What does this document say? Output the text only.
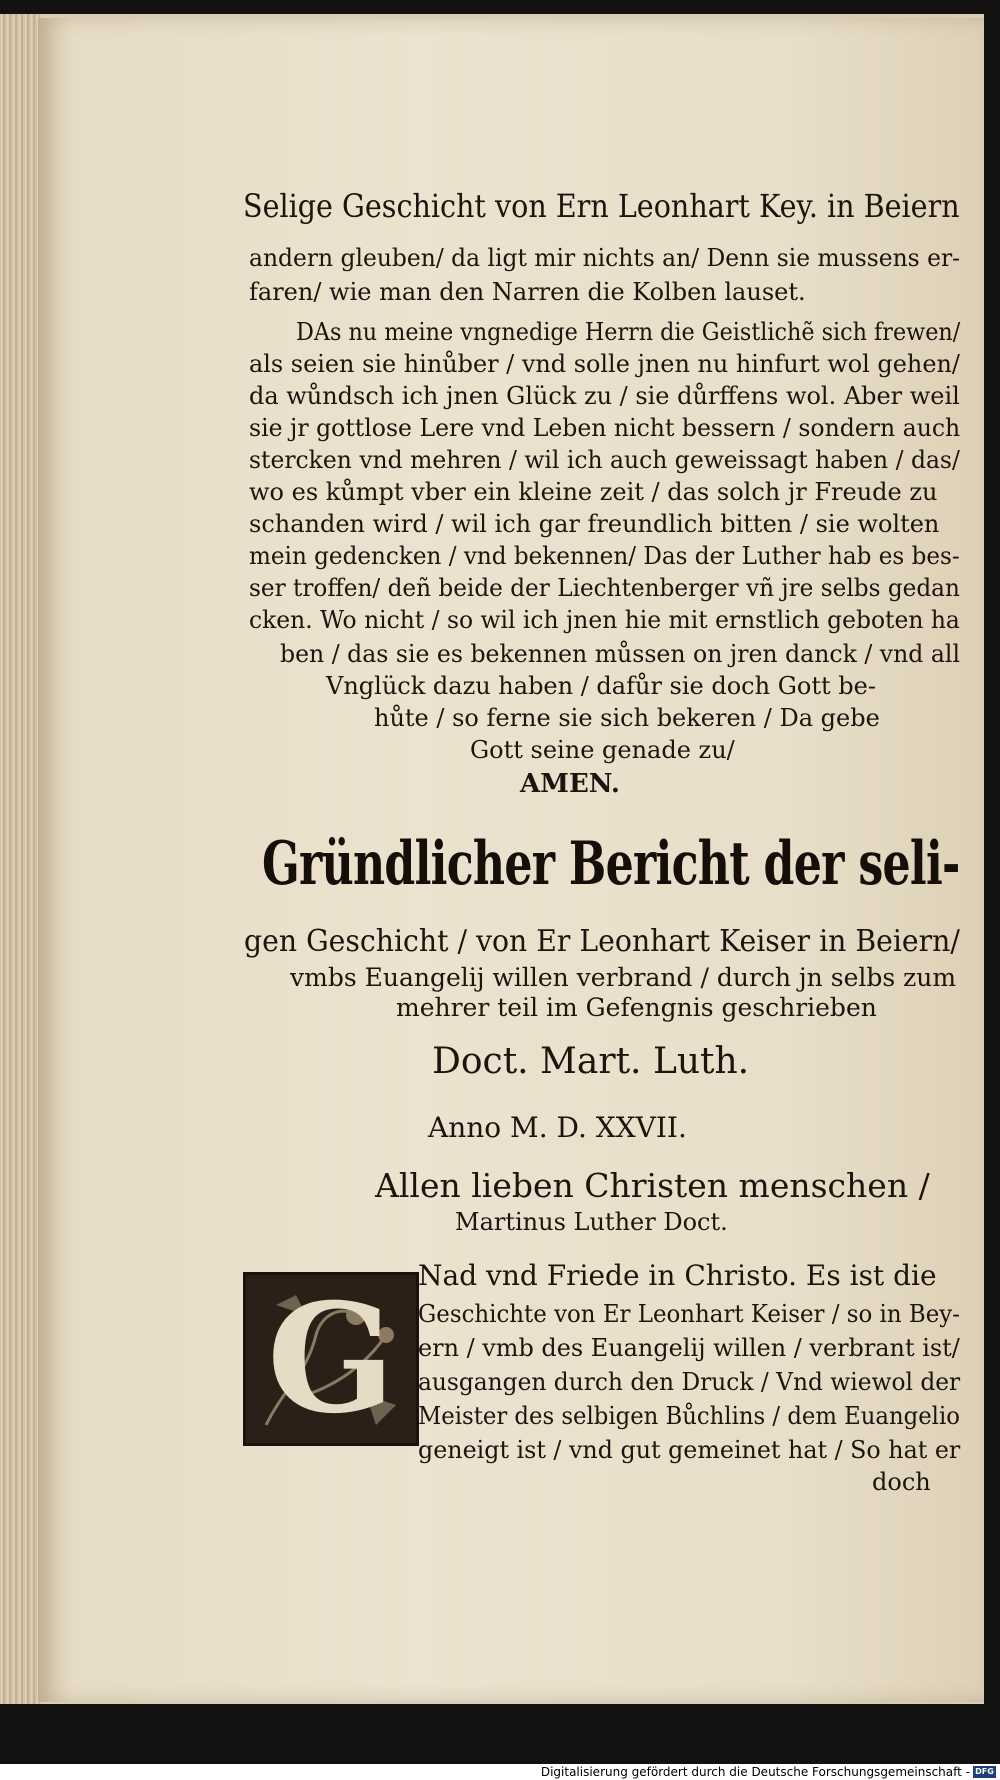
Selige Geschicht von Ern Leonhart Key. in Beiern
andern gleuben/ da ligt mir nichts an/ Denn sie mussens er-
faren/ wie man den Narren die Kolben lauset.
DAs nu meine vngnedige Herrn die Geistlichẽ sich frewen/
als seien sie hinůber / vnd solle jnen nu hinfurt wol gehen/
da wůndsch ich jnen Glück zu / sie důrffens wol. Aber weil
sie jr gottlose Lere vnd Leben nicht bessern / sondern auch
stercken vnd mehren / wil ich auch geweissagt haben / das/
wo es kůmpt vber ein kleine zeit / das solch jr Freude zu
schanden wird / wil ich gar freundlich bitten / sie wolten
mein gedencken / vnd bekennen/ Das der Luther hab es bes-
ser troffen/ deñ beide der Liechtenberger vñ jre selbs gedan
cken. Wo nicht / so wil ich jnen hie mit ernstlich geboten ha
ben / das sie es bekennen můssen on jren danck / vnd all
Vnglück dazu haben / dafůr sie doch Gott be-
hůte / so ferne sie sich bekeren / Da gebe
Gott seine genade zu/
AMEN.
Gründlicher Bericht der seli-
gen Geschicht / von Er Leonhart Keiser in Beiern/
vmbs Euangelij willen verbrand / durch jn selbs zum
mehrer teil im Gefengnis geschrieben
Doct. Mart. Luth.
Anno M. D. XXVII.
Allen lieben Christen menschen /
Martinus Luther Doct.
G Nad vnd Friede in Christo. Es ist die
Geschichte von Er Leonhart Keiser / so in Bey-
ern / vmb des Euangelij willen / verbrant ist/
ausgangen durch den Druck / Vnd wiewol der
Meister des selbigen Bůchlins / dem Euangelio
geneigt ist / vnd gut gemeinet hat / So hat er
doch
Digitalisierung gefördert durch die Deutsche Forschungsgemeinschaft - DFG
